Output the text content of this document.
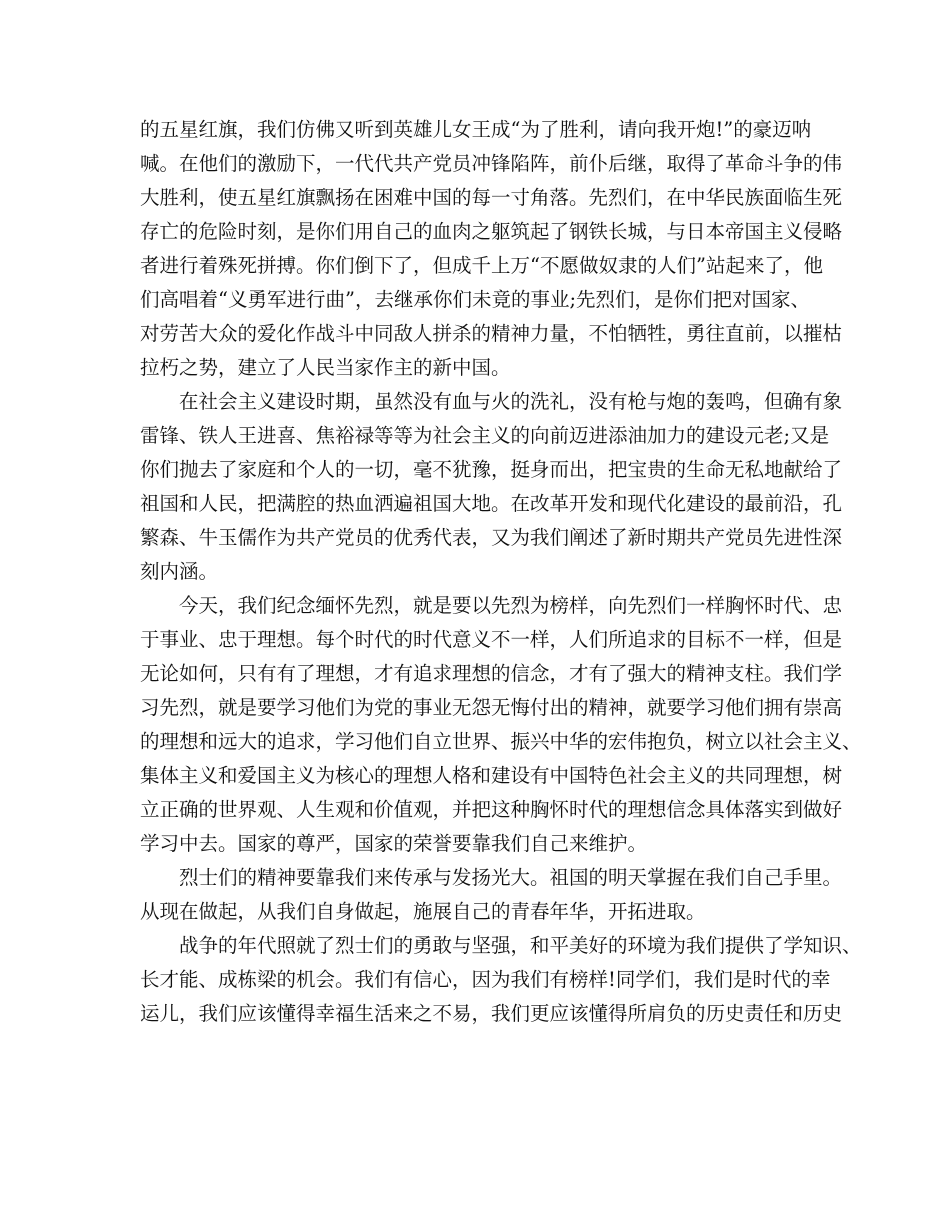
的五星红旗，我们仿佛又听到英雄儿女王成“为了胜利，请向我开炮!”的豪迈呐
喊。在他们的激励下，一代代共产党员冲锋陷阵，前仆后继，取得了革命斗争的伟
大胜利，使五星红旗飘扬在困难中国的每一寸角落。先烈们，在中华民族面临生死
存亡的危险时刻，是你们用自己的血肉之躯筑起了钢铁长城，与日本帝国主义侵略
者进行着殊死拼搏。你们倒下了，但成千上万“不愿做奴隶的人们”站起来了，他
们高唱着“义勇军进行曲”，去继承你们未竟的事业;先烈们，是你们把对国家、
对劳苦大众的爱化作战斗中同敌人拼杀的精神力量，不怕牺牲，勇往直前，以摧枯
拉朽之势，建立了人民当家作主的新中国。
在社会主义建设时期，虽然没有血与火的洗礼，没有枪与炮的轰鸣，但确有象
雷锋、铁人王进喜、焦裕禄等等为社会主义的向前迈进添油加力的建设元老;又是
你们抛去了家庭和个人的一切，毫不犹豫，挺身而出，把宝贵的生命无私地献给了
祖国和人民，把满腔的热血洒遍祖国大地。在改革开发和现代化建设的最前沿，孔
繁森、牛玉儒作为共产党员的优秀代表，又为我们阐述了新时期共产党员先进性深
刻内涵。
今天，我们纪念缅怀先烈，就是要以先烈为榜样，向先烈们一样胸怀时代、忠
于事业、忠于理想。每个时代的时代意义不一样，人们所追求的目标不一样，但是
无论如何，只有有了理想，才有追求理想的信念，才有了强大的精神支柱。我们学
习先烈，就是要学习他们为党的事业无怨无悔付出的精神，就要学习他们拥有崇高
的理想和远大的追求，学习他们自立世界、振兴中华的宏伟抱负，树立以社会主义、
集体主义和爱国主义为核心的理想人格和建设有中国特色社会主义的共同理想，树
立正确的世界观、人生观和价值观，并把这种胸怀时代的理想信念具体落实到做好
学习中去。国家的尊严，国家的荣誉要靠我们自己来维护。
烈士们的精神要靠我们来传承与发扬光大。祖国的明天掌握在我们自己手里。
从现在做起，从我们自身做起，施展自己的青春年华，开拓进取。
战争的年代照就了烈士们的勇敢与坚强，和平美好的环境为我们提供了学知识、
长才能、成栋梁的机会。我们有信心，因为我们有榜样!同学们，我们是时代的幸
运儿，我们应该懂得幸福生活来之不易，我们更应该懂得所肩负的历史责任和历史
